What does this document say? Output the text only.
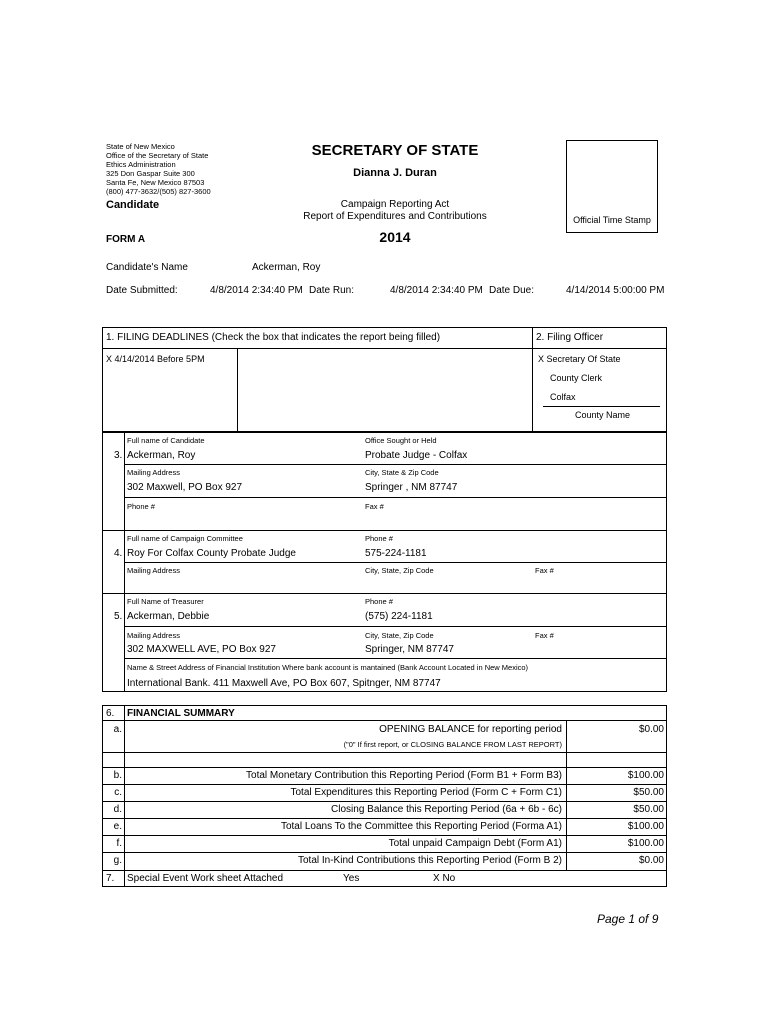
State of New Mexico
Office of the Secretary of State
Ethics Administration
325 Don Gaspar Suite 300
Santa Fe, New Mexico 87503
(800) 477-3632/(505) 827-3600
SECRETARY OF STATE
Dianna J. Duran
Campaign Reporting Act
Report of Expenditures and Contributions
2014
Candidate
FORM A
Official Time Stamp
Candidate's Name	Ackerman, Roy
Date Submitted:	4/8/2014 2:34:40 PM Date Run:	4/8/2014 2:34:40 PM Date Due:	4/14/2014 5:00:00 PM
1. FILING DEADLINES (Check the box that indicates the report being filled)	2. Filing Officer
X 4/14/2014 Before 5PM	X Secretary Of State
County Clerk
Colfax
County Name
Full name of Candidate	Office Sought or Held
3. Ackerman, Roy	Probate Judge - Colfax
Mailing Address	City, State & Zip Code
302 Maxwell, PO Box 927	Springer , NM 87747
Phone #	Fax #
Full name of Campaign Committee	Phone #
4. Roy For Colfax County Probate Judge	575-224-1181
Mailing Address	City, State, Zip Code	Fax #
Full Name of Treasurer	Phone #
5. Ackerman, Debbie	(575) 224-1181
Mailing Address	City, State, Zip Code	Fax #
302 MAXWELL AVE, PO Box 927	Springer, NM 87747
Name & Street Address of Financial Institution Where bank account is mantained (Bank Account Located in New Mexico)
International Bank. 411 Maxwell Ave, PO Box 607, Spitnger, NM 87747
6. FINANCIAL SUMMARY
a.	OPENING BALANCE for reporting period	$0.00
("0" If first report, or CLOSING BALANCE FROM LAST REPORT)
b.	Total Monetary Contribution this Reporting Period (Form B1 + Form B3)	$100.00
c.	Total Expenditures this Reporting Period (Form C + Form C1)	$50.00
d.	Closing Balance this Reporting Period (6a + 6b - 6c)	$50.00
e.	Total Loans To the Committee this Reporting Period (Forma A1)	$100.00
f.	Total unpaid Campaign Debt (Form A1)	$100.00
g.	Total In-Kind Contributions this Reporting Period (Form B 2)	$0.00
7. Special Event Work sheet Attached	Yes	X No
Page 1 of 9
